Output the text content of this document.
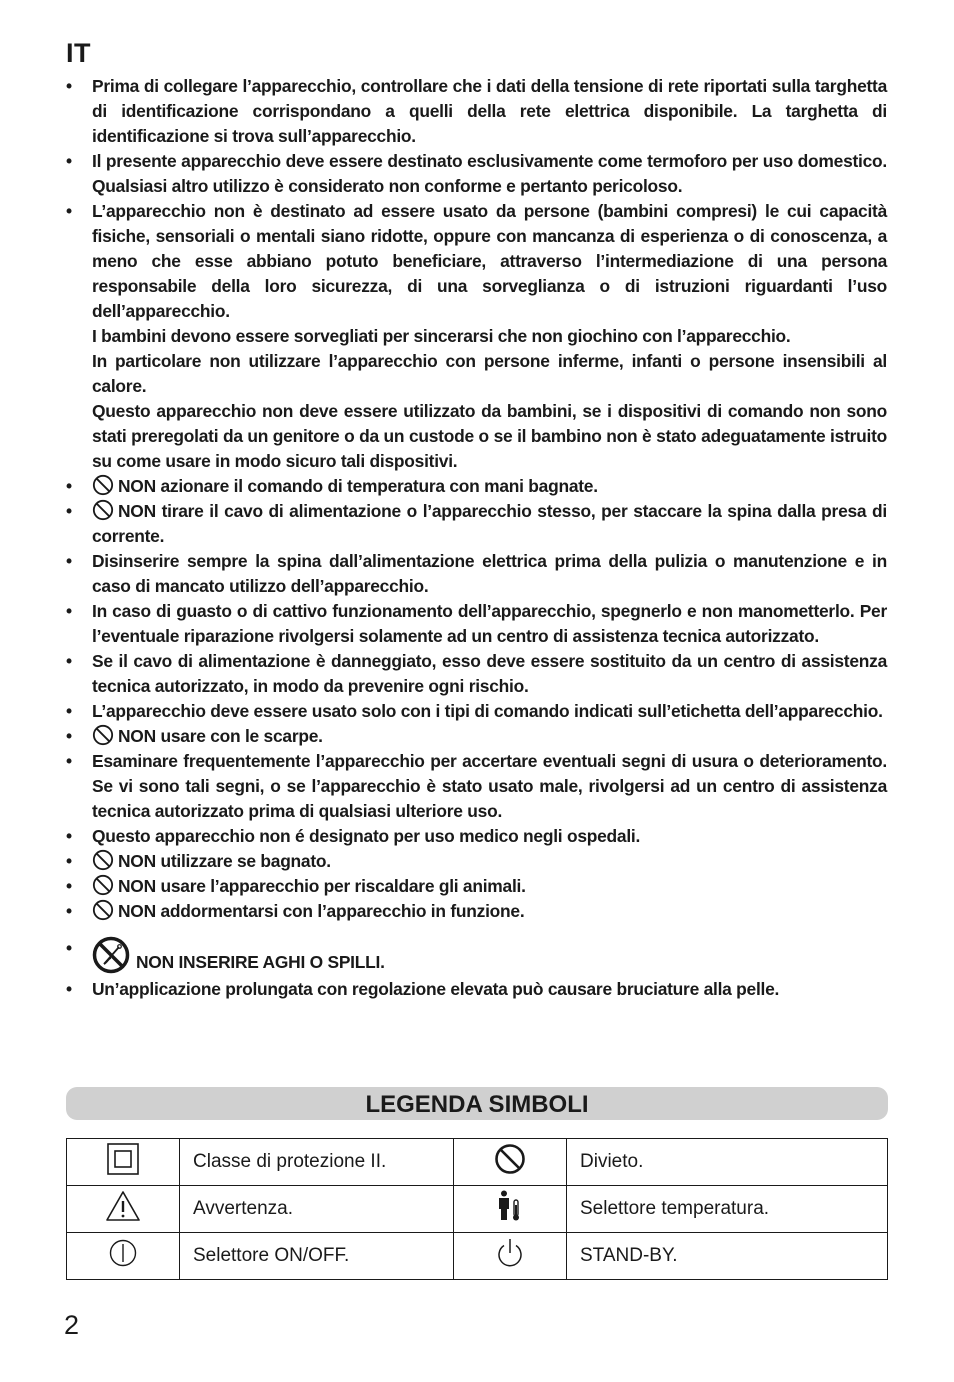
IT
• Prima di collegare l’apparecchio, controllare che i dati della tensione di rete riportati sulla targhetta di identificazione corrispondano a quelli della rete elettrica disponibile. La targhetta di identificazione si trova sull’apparecchio.
• Il presente apparecchio deve essere destinato esclusivamente come termoforo per uso domestico. Qualsiasi altro utilizzo è considerato non conforme e pertanto pericoloso.
• L’apparecchio non è destinato ad essere usato da persone (bambini compresi) le cui capacità fisiche, sensoriali o mentali siano ridotte, oppure con mancanza di esperienza o di conoscenza, a meno che esse abbiano potuto beneficiare, attraverso l’intermediazione di una persona responsabile della loro sicurezza, di una sorveglianza o di istruzioni riguardanti l’uso dell’apparecchio.

I bambini devono essere sorvegliati per sincerarsi che non giochino con l’apparecchio.

In particolare non utilizzare l’apparecchio con persone inferme, infanti o persone insensibili al calore.

Questo apparecchio non deve essere utilizzato da bambini, se i dispositivi di comando non sono stati preregolati da un genitore o da un custode o se il bambino non è stato adeguatamente istruito su come usare in modo sicuro tali dispositivi.

•	NON azionare il comando di temperatura con mani bagnate.
•	NON tirare il cavo di alimentazione o l’apparecchio stesso, per staccare la spina dalla presa di corrente.
• Disinserire sempre la spina dall’alimentazione elettrica prima della pulizia o manutenzione e in caso di mancato utilizzo dell’apparecchio.
• In caso di guasto o di cattivo funzionamento dell’apparecchio, spegnerlo e non manometterlo. Per l’eventuale riparazione rivolgersi solamente ad un centro di assistenza tecnica autorizzato.
• Se il cavo di alimentazione è danneggiato, esso deve essere sostituito da un centro di assistenza tecnica autorizzato, in modo da prevenire ogni rischio.
• L’apparecchio deve essere usato solo con i tipi di comando indicati sull’etichetta dell’apparecchio.
•	NON usare con le scarpe.
• Esaminare frequentemente l’apparecchio per accertare eventuali segni di usura o deterioramento. Se vi sono tali segni, o se l’apparecchio è stato usato male, rivolgersi ad un centro di assistenza tecnica autorizzato prima di qualsiasi ulteriore uso.
• Questo apparecchio non é designato per uso medico negli ospedali.
•	NON utilizzare se bagnato.
•	NON usare l’apparecchio per riscaldare gli animali.
•	NON addormentarsi con l’apparecchio in funzione.
•
NON INSERIRE AGHI O SPILLI.
• Un’applicazione prolungata con regolazione elevata può causare bruciature alla pelle.
LEGENDA SIMBOLI
	Classe di protezione II.		Divieto.
	Avvertenza.		Selettore temperatura.
	Selettore ON/OFF.		STAND-BY.
2
